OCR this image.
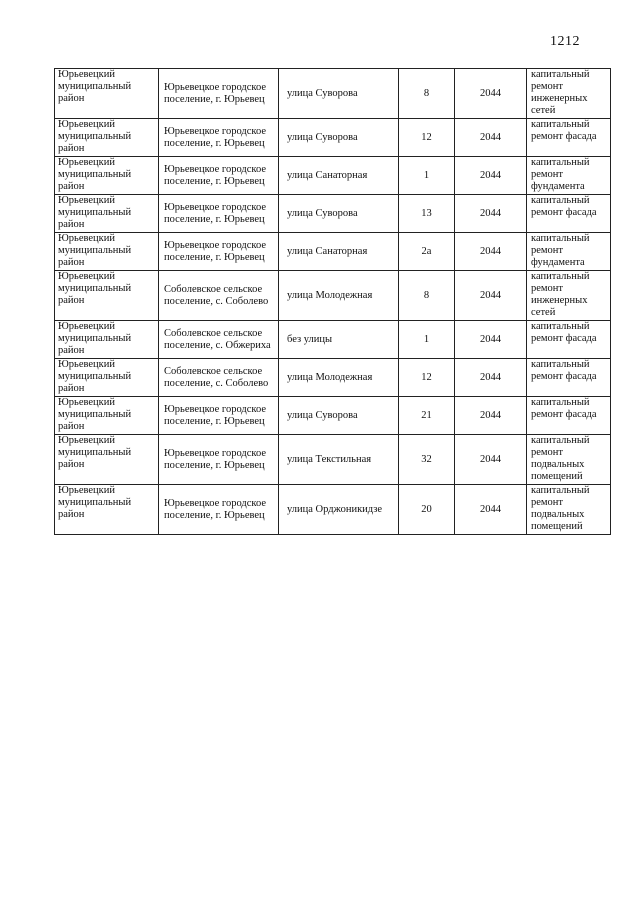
1212
Юрьевецкий
муниципальный
район	Юрьевецкое городское
поселение, г. Юрьевец	улица Суворова	8	2044	капитальный
ремонт
инженерных
сетей

Юрьевецкий
муниципальный
район	Юрьевецкое городское
поселение, г. Юрьевец	улица Суворова	12	2044	капитальный
ремонт фасада

Юрьевецкий
муниципальный
район	Юрьевецкое городское
поселение, г. Юрьевец	улица Санаторная	1	2044	капитальный
ремонт
фундамента

Юрьевецкий
муниципальный
район	Юрьевецкое городское
поселение, г. Юрьевец	улица Суворова	13	2044	капитальный
ремонт фасада

Юрьевецкий
муниципальный
район	Юрьевецкое городское
поселение, г. Юрьевец	улица Санаторная	2а	2044	капитальный
ремонт
фундамента

Юрьевецкий
муниципальный
район	Соболевское сельское
поселение, с. Соболево	улица Молодежная	8	2044	капитальный
ремонт
инженерных
сетей

Юрьевецкий
муниципальный
район	Соболевское сельское
поселение, с. Обжериха	без улицы	1	2044	капитальный
ремонт фасада

Юрьевецкий
муниципальный
район	Соболевское сельское
поселение, с. Соболево	улица Молодежная	12	2044	капитальный
ремонт фасада

Юрьевецкий
муниципальный
район	Юрьевецкое городское
поселение, г. Юрьевец	улица Суворова	21	2044	капитальный
ремонт фасада

Юрьевецкий
муниципальный
район	Юрьевецкое городское
поселение, г. Юрьевец	улица Текстильная	32	2044	капитальный
ремонт
подвальных
помещений

Юрьевецкий
муниципальный
район	Юрьевецкое городское
поселение, г. Юрьевец	улица Орджоникидзе	20	2044	капитальный
ремонт
подвальных
помещений
